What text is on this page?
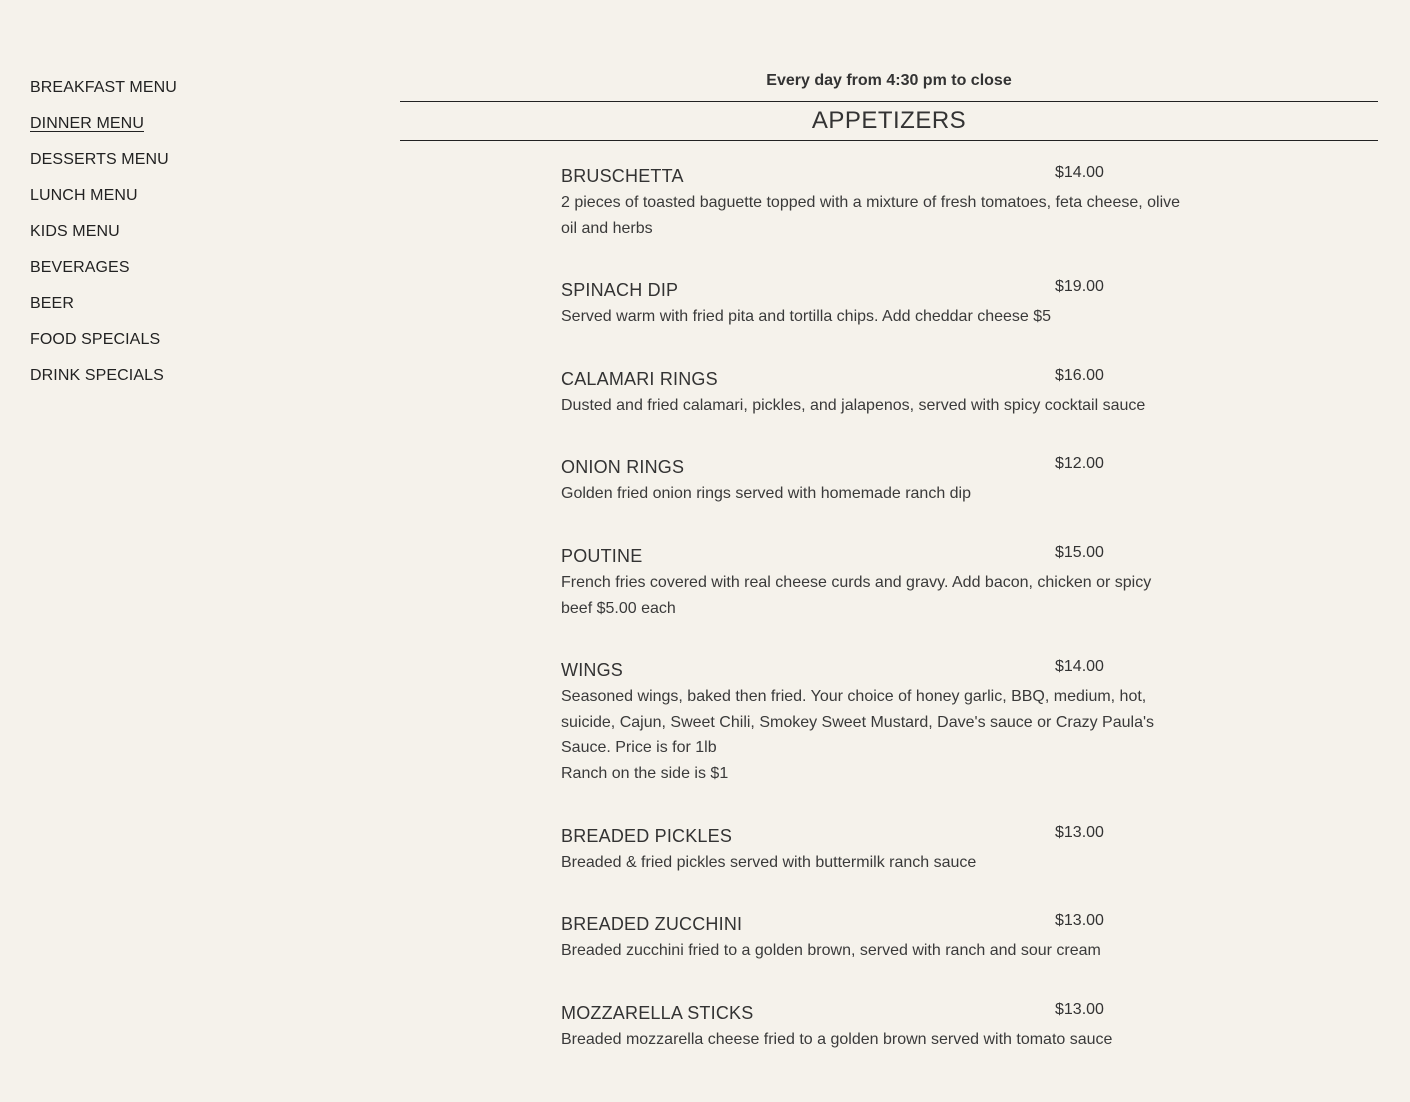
BREAKFAST MENU
DINNER MENU
DESSERTS MENU
LUNCH MENU
KIDS MENU
BEVERAGES
BEER
FOOD SPECIALS
DRINK SPECIALS
Every day from 4:30 pm to close
APPETIZERS
BRUSCHETTA	$14.00
2 pieces of toasted baguette topped with a mixture of fresh tomatoes, feta cheese, olive oil and herbs
SPINACH DIP	$19.00
Served warm with fried pita and tortilla chips. Add cheddar cheese $5
CALAMARI RINGS	$16.00
Dusted and fried calamari, pickles, and jalapenos, served with spicy cocktail sauce
ONION RINGS	$12.00
Golden fried onion rings served with homemade ranch dip
POUTINE	$15.00
French fries covered with real cheese curds and gravy. Add bacon, chicken or spicy beef $5.00 each
WINGS	$14.00
Seasoned wings, baked then fried. Your choice of honey garlic, BBQ, medium, hot, suicide, Cajun, Sweet Chili, Smokey Sweet Mustard, Dave's sauce or Crazy Paula's Sauce. Price is for 1lb
Ranch on the side is $1
BREADED PICKLES	$13.00
Breaded & fried pickles served with buttermilk ranch sauce
BREADED ZUCCHINI	$13.00
Breaded zucchini fried to a golden brown, served with ranch and sour cream
MOZZARELLA STICKS	$13.00
Breaded mozzarella cheese fried to a golden brown served with tomato sauce
